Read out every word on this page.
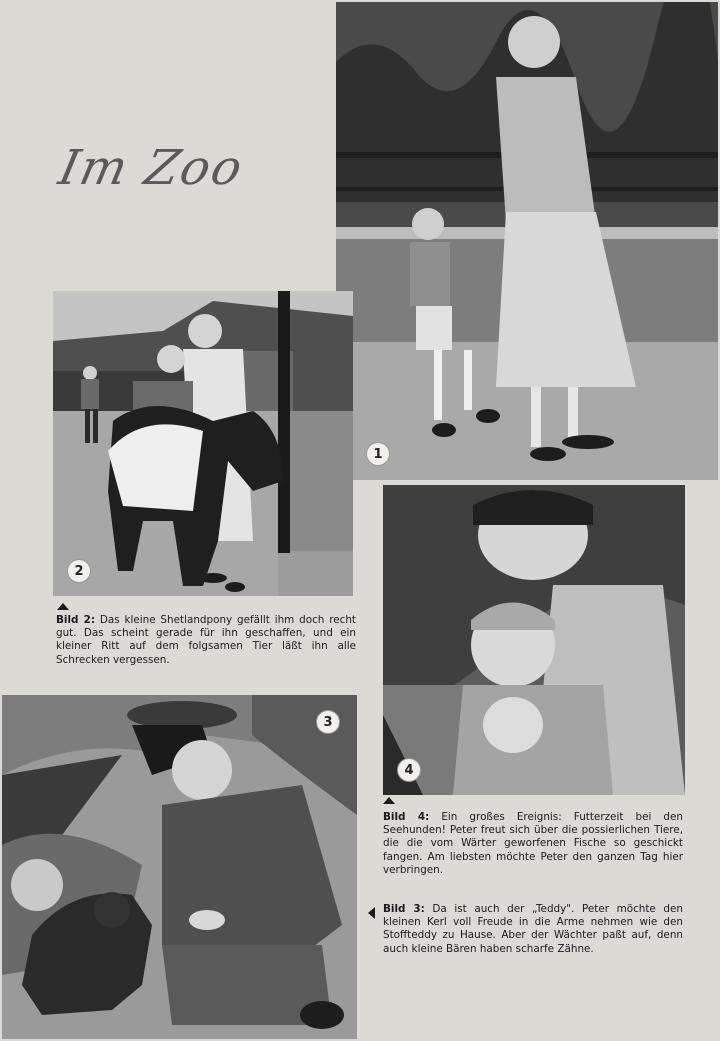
Im Zoo
1
2
Bild 2: Das kleine Shetlandpony gefällt ihm doch recht gut. Das scheint gerade für ihn geschaffen, und ein kleiner Ritt auf dem folgsamen Tier läßt ihn alle Schrecken vergessen.
4
Bild 4: Ein großes Ereignis: Futterzeit bei den Seehunden! Peter freut sich über die possierlichen Tiere, die die vom Wärter geworfenen Fische so geschickt fangen. Am liebsten möchte Peter den ganzen Tag hier verbringen.
Bild 3: Da ist auch der „Teddy". Peter möchte den kleinen Kerl voll Freude in die Arme nehmen wie den Stoffteddy zu Hause. Aber der Wächter paßt auf, denn auch kleine Bären haben scharfe Zähne.
3
